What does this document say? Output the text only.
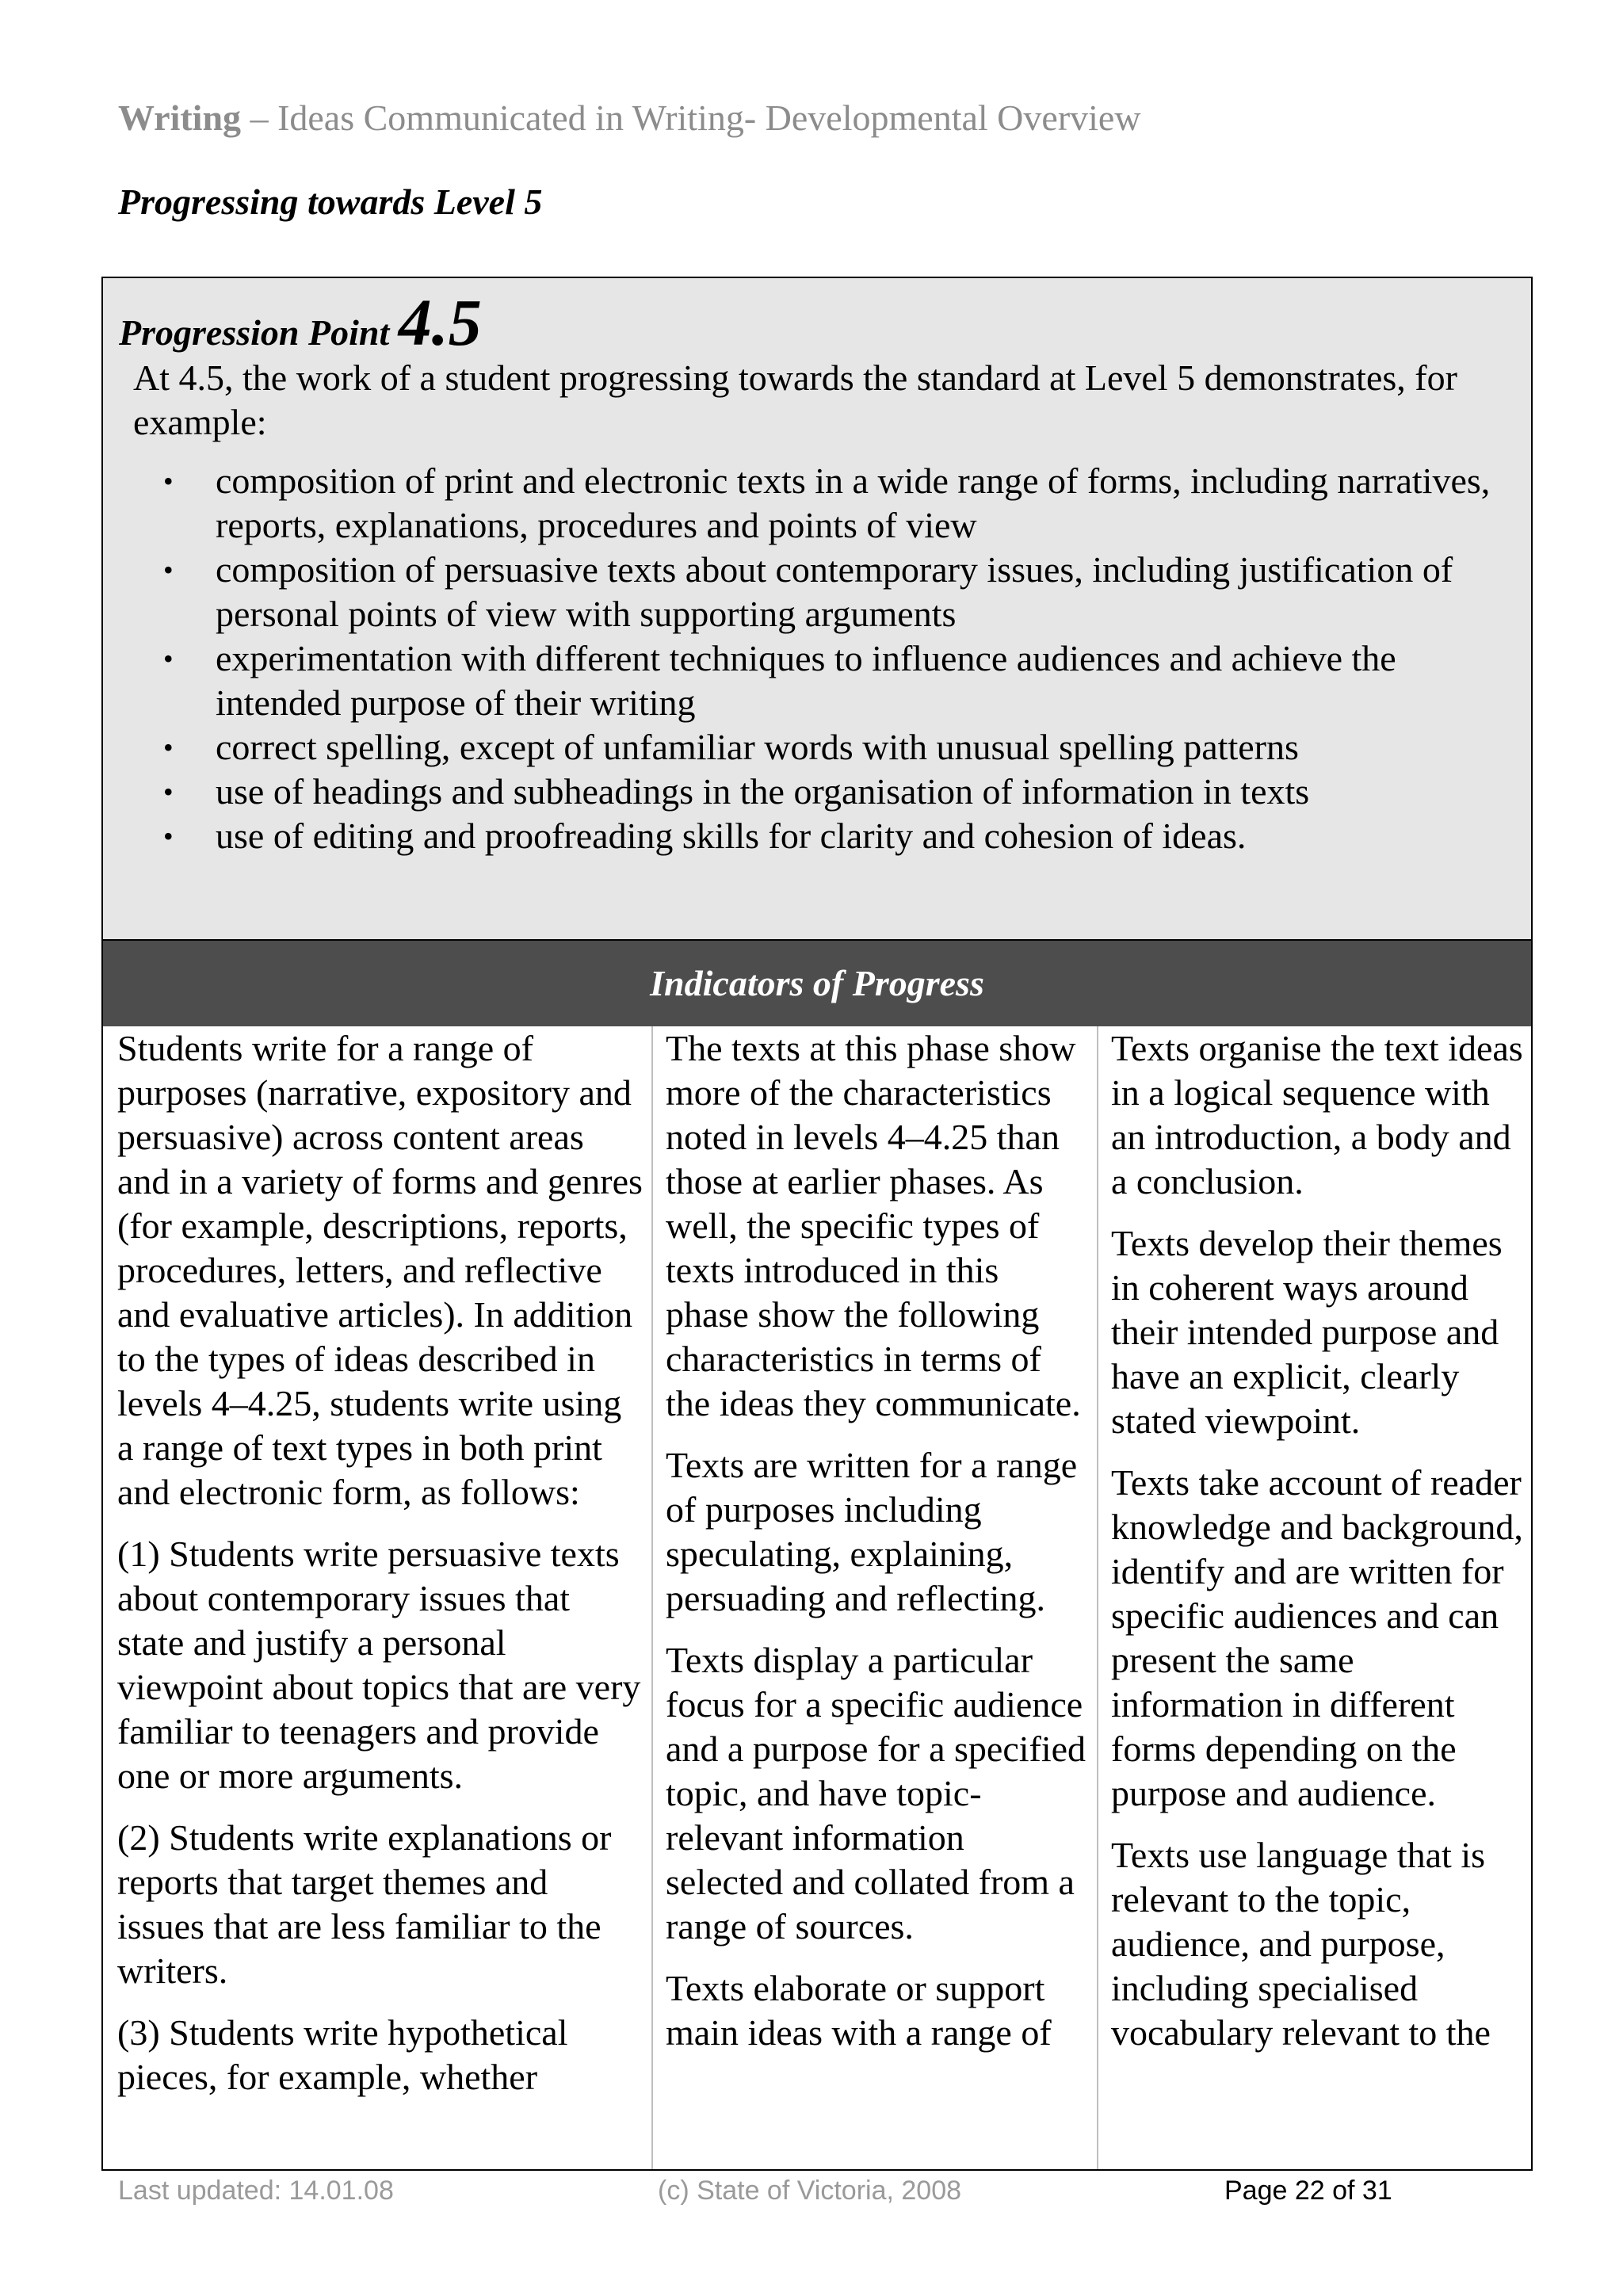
Writing – Ideas Communicated in Writing- Developmental Overview
Progressing towards Level 5
Progression Point 4.5
At 4.5, the work of a student progressing towards the standard at Level 5 demonstrates, for example:
• composition of print and electronic texts in a wide range of forms, including narratives, reports, explanations, procedures and points of view
• composition of persuasive texts about contemporary issues, including justification of personal points of view with supporting arguments
• experimentation with different techniques to influence audiences and achieve the intended purpose of their writing
• correct spelling, except of unfamiliar words with unusual spelling patterns
• use of headings and subheadings in the organisation of information in texts
• use of editing and proofreading skills for clarity and cohesion of ideas.
Indicators of Progress

Students write for a range of purposes (narrative, expository and persuasive) across content areas and in a variety of forms and genres (for example, descriptions, reports, procedures, letters, and reflective and evaluative articles). In addition to the types of ideas described in levels 4–4.25, students write using a range of text types in both print and electronic form, as follows:

(1) Students write persuasive texts about contemporary issues that state and justify a personal viewpoint about topics that are very familiar to teenagers and provide one or more arguments.

(2) Students write explanations or reports that target themes and issues that are less familiar to the writers.

(3) Students write hypothetical pieces, for example, whether

The texts at this phase show more of the characteristics noted in levels 4–4.25 than those at earlier phases. As well, the specific types of texts introduced in this phase show the following characteristics in terms of the ideas they communicate.

Texts are written for a range of purposes including speculating, explaining, persuading and reflecting.

Texts display a particular focus for a specific audience and a purpose for a specified topic, and have topic-relevant information selected and collated from a range of sources.

Texts elaborate or support main ideas with a range of

Texts organise the text ideas in a logical sequence with an introduction, a body and a conclusion.

Texts develop their themes in coherent ways around their intended purpose and have an explicit, clearly stated viewpoint.

Texts take account of reader knowledge and background, identify and are written for specific audiences and can present the same information in different forms depending on the purpose and audience.

Texts use language that is relevant to the topic, audience, and purpose, including specialised vocabulary relevant to the

Last updated: 14.01.08	(c) State of Victoria, 2008	Page 22 of 31
